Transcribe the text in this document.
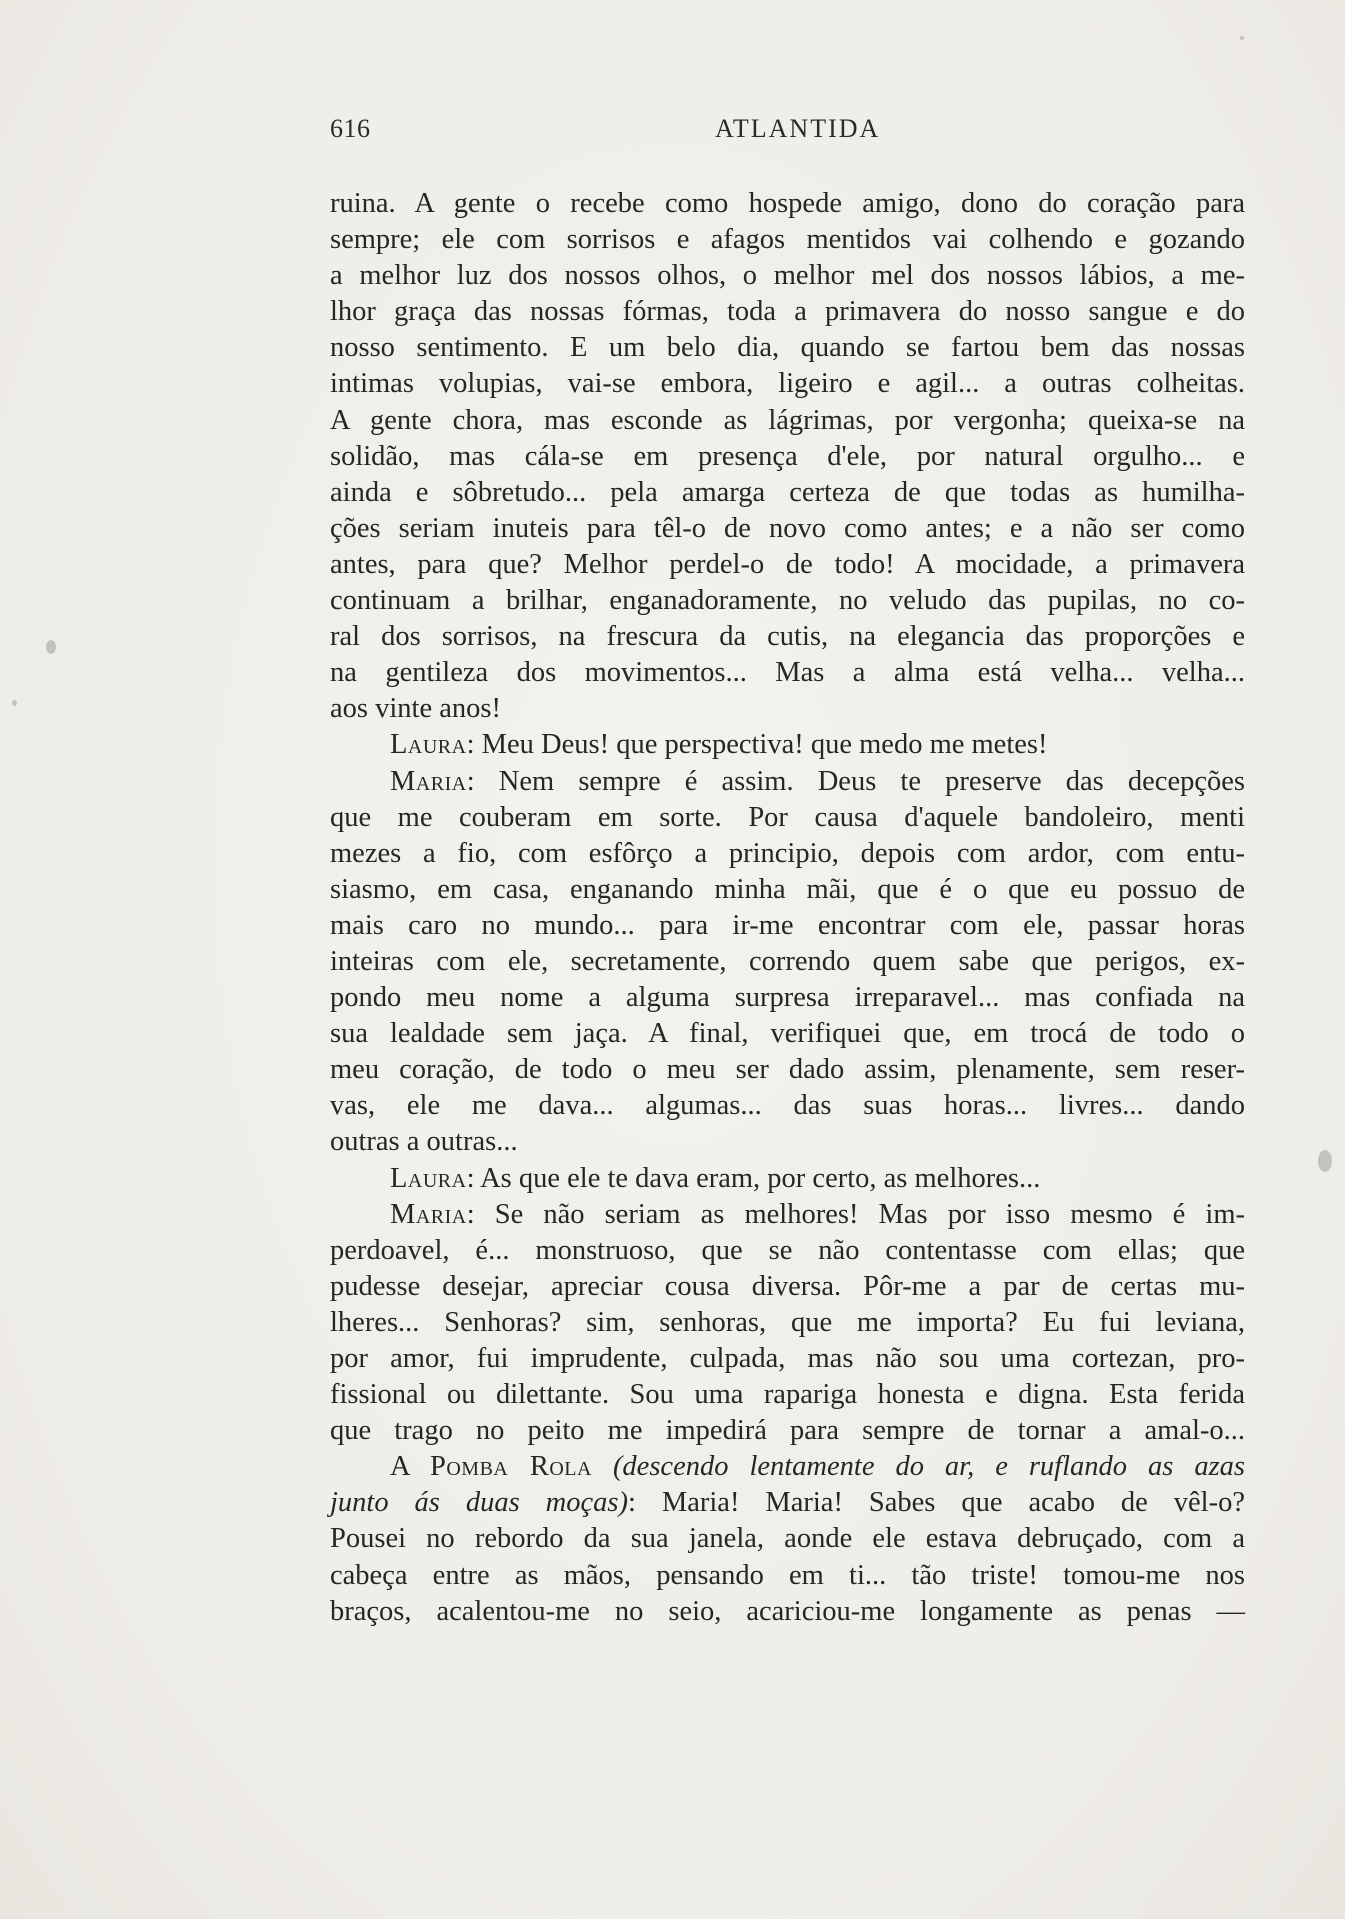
616	ATLANTIDA
ruina. A gente o recebe como hospede amigo, dono do coração para
sempre; ele com sorrisos e afagos mentidos vai colhendo e gozando
a melhor luz dos nossos olhos, o melhor mel dos nossos lábios, a me-
lhor graça das nossas fórmas, toda a primavera do nosso sangue e do
nosso sentimento. E um belo dia, quando se fartou bem das nossas
intimas volupias, vai-se embora, ligeiro e agil... a outras colheitas.
A gente chora, mas esconde as lágrimas, por vergonha; queixa-se na
solidão, mas cála-se em presença d'ele, por natural orgulho... e
ainda e sôbretudo... pela amarga certeza de que todas as humilha-
ções seriam inuteis para têl-o de novo como antes; e a não ser como
antes, para que? Melhor perdel-o de todo! A mocidade, a primavera
continuam a brilhar, enganadoramente, no veludo das pupilas, no co-
ral dos sorrisos, na frescura da cutis, na elegancia das proporções e
na gentileza dos movimentos... Mas a alma está velha... velha...
aos vinte anos!
Laura: Meu Deus! que perspectiva! que medo me metes!
Maria: Nem sempre é assim. Deus te preserve das decepções
que me couberam em sorte. Por causa d'aquele bandoleiro, menti
mezes a fio, com esfôrço a principio, depois com ardor, com entu-
siasmo, em casa, enganando minha mãi, que é o que eu possuo de
mais caro no mundo... para ir-me encontrar com ele, passar horas
inteiras com ele, secretamente, correndo quem sabe que perigos, ex-
pondo meu nome a alguma surpresa irreparavel... mas confiada na
sua lealdade sem jaça. A final, verifiquei que, em trocá de todo o
meu coração, de todo o meu ser dado assim, plenamente, sem reser-
vas, ele me dava... algumas... das suas horas... livres... dando
outras a outras...
Laura: As que ele te dava eram, por certo, as melhores...
Maria: Se não seriam as melhores! Mas por isso mesmo é im-
perdoavel, é... monstruoso, que se não contentasse com ellas; que
pudesse desejar, apreciar cousa diversa. Pôr-me a par de certas mu-
lheres... Senhoras? sim, senhoras, que me importa? Eu fui leviana,
por amor, fui imprudente, culpada, mas não sou uma cortezan, pro-
fissional ou dilettante. Sou uma rapariga honesta e digna. Esta ferida
que trago no peito me impedirá para sempre de tornar a amal-o...
A Pomba Rola (descendo lentamente do ar, e ruflando as azas
junto ás duas moças): Maria! Maria! Sabes que acabo de vêl-o?
Pousei no rebordo da sua janela, aonde ele estava debruçado, com a
cabeça entre as mãos, pensando em ti... tão triste! tomou-me nos
braços, acalentou-me no seio, acariciou-me longamente as penas —
